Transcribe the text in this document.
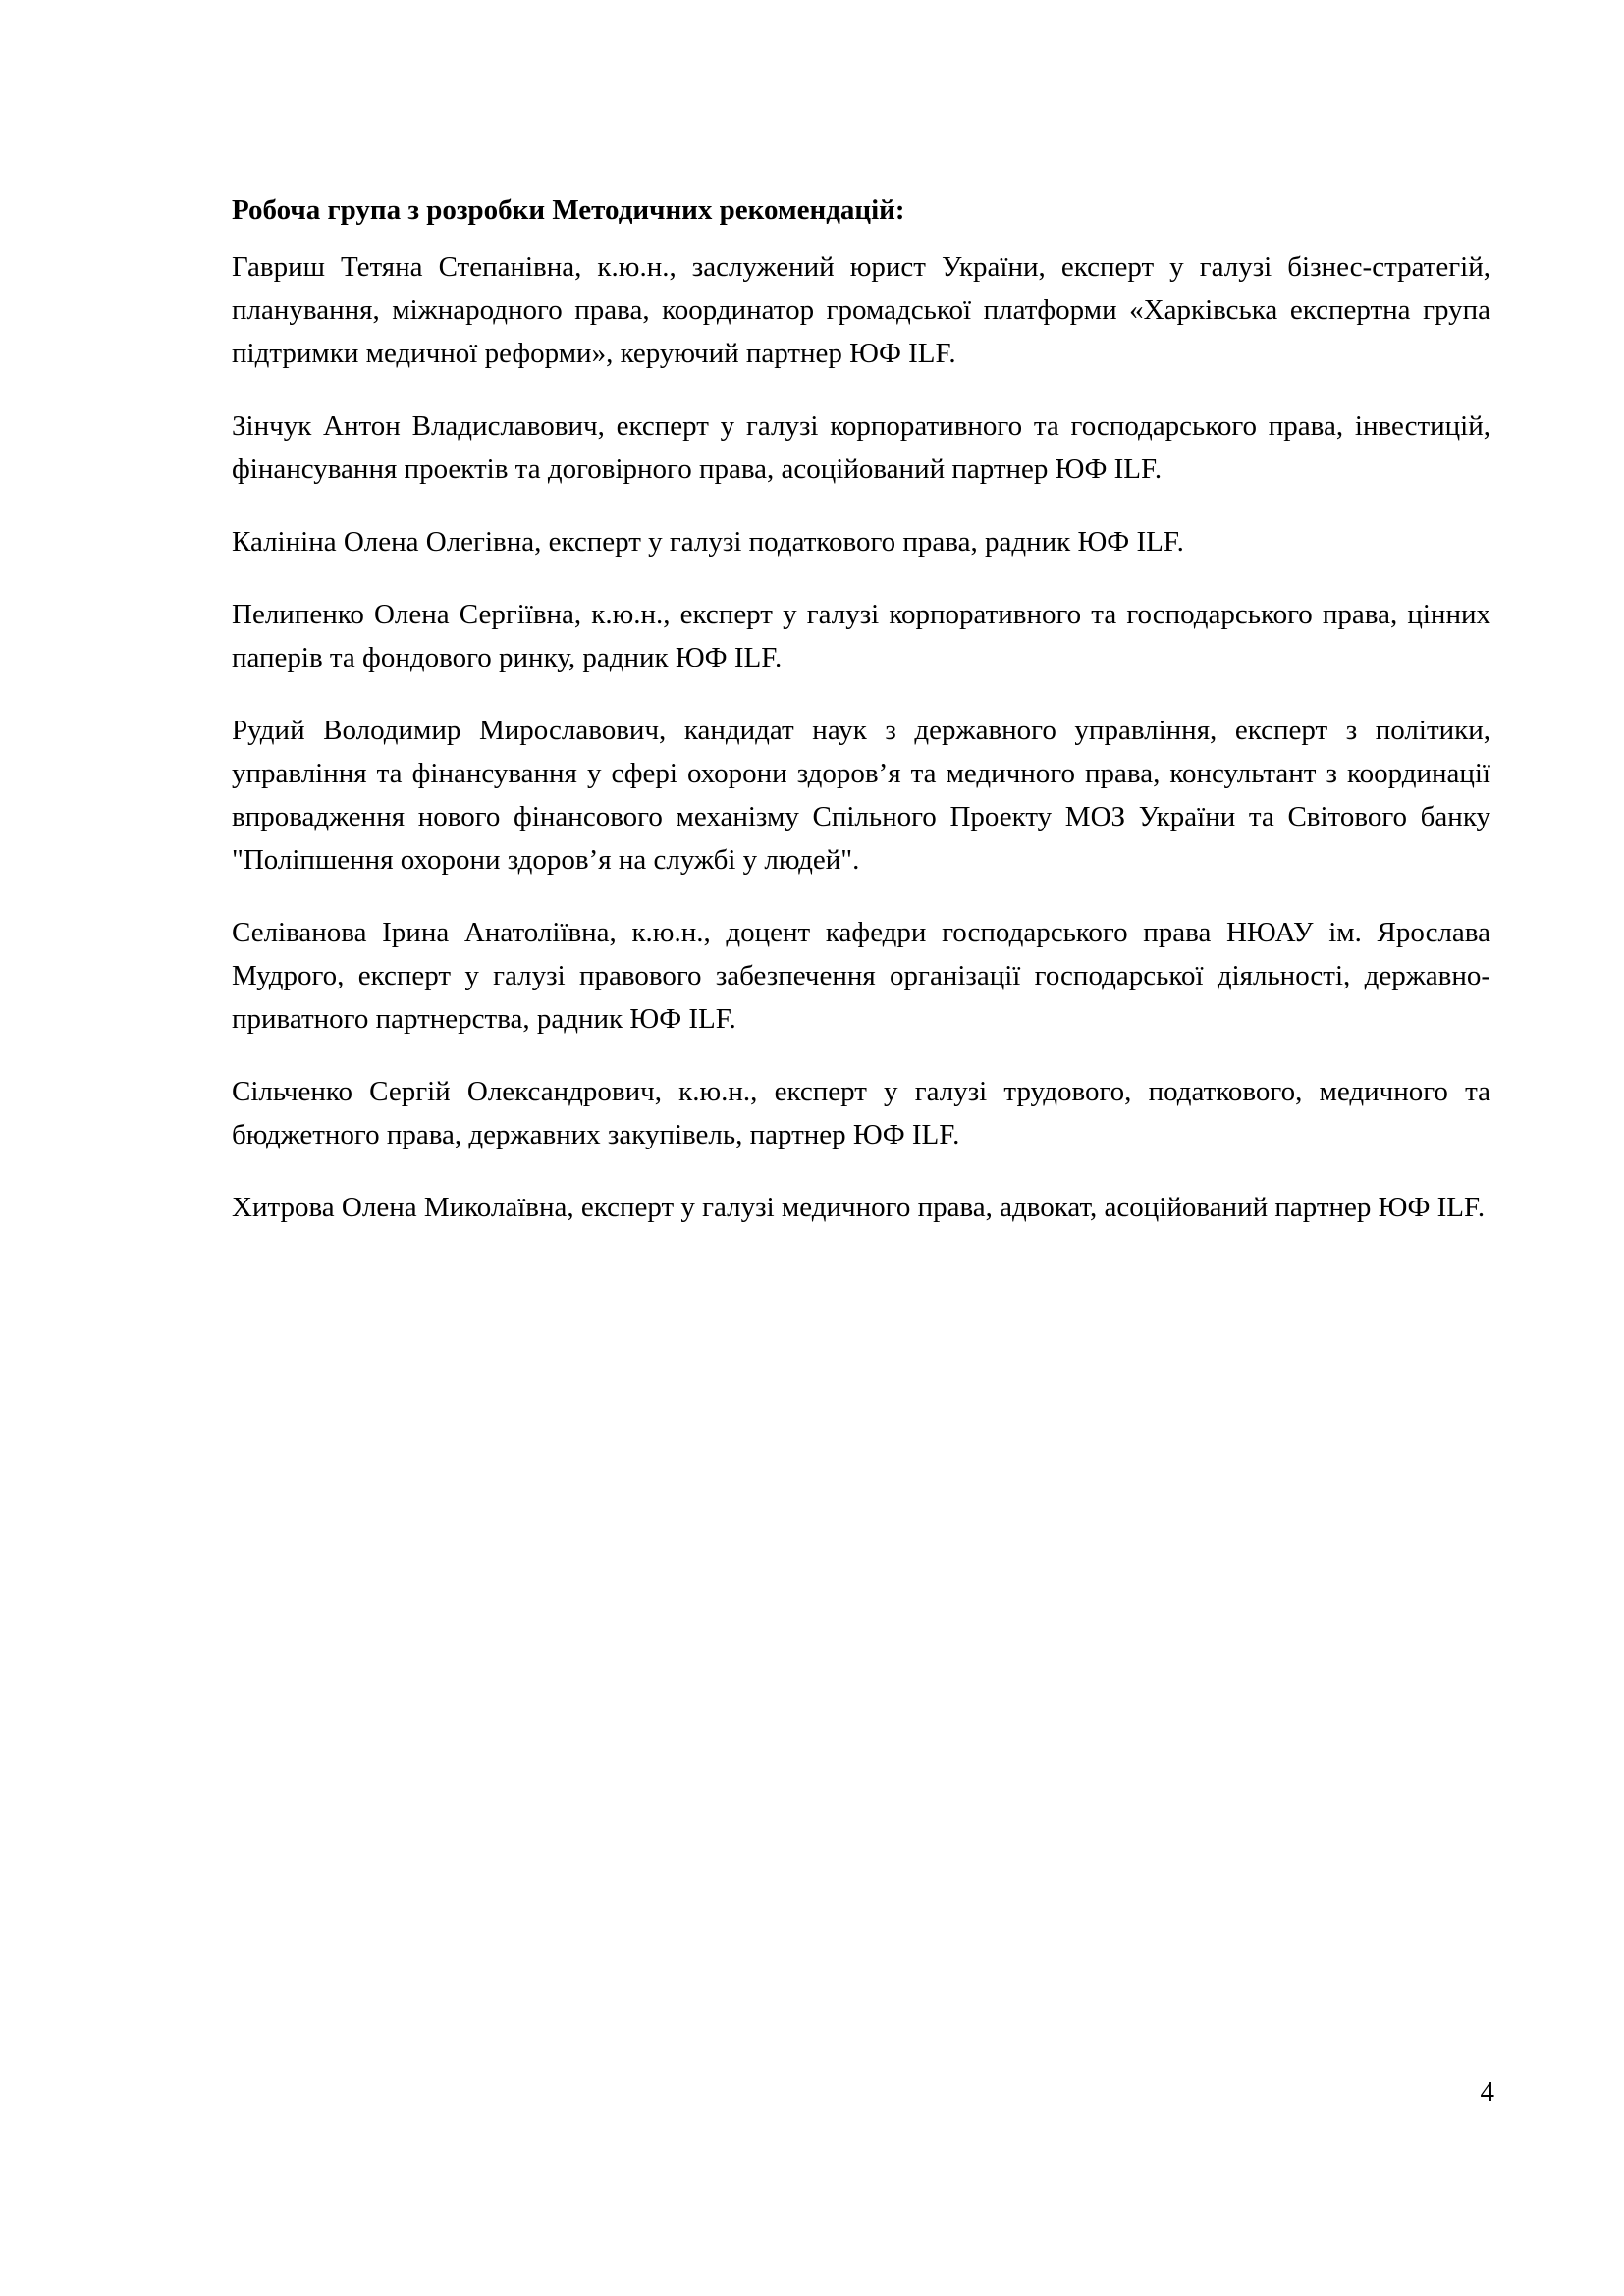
Робоча група з розробки Методичних рекомендацій:

Гавриш Тетяна Степанівна, к.ю.н., заслужений юрист України, експерт у галузі бізнес-стратегій, планування, міжнародного права, координатор громадської платформи «Харківська експертна група підтримки медичної реформи», керуючий партнер ЮФ ILF.

Зінчук Антон Владиславович, експерт у галузі корпоративного та господарського права, інвестицій, фінансування проектів та договірного права, асоційований партнер ЮФ ILF.

Калініна Олена Олегівна, експерт у галузі податкового права, радник ЮФ ILF.

Пелипенко Олена Сергіївна, к.ю.н., експерт у галузі корпоративного та господарського права, цінних паперів та фондового ринку, радник ЮФ ILF.

Рудий Володимир Мирославович, кандидат наук з державного управління, експерт з політики, управління та фінансування у сфері охорони здоров’я та медичного права, консультант з координації впровадження нового фінансового механізму Спільного Проекту МОЗ України та Світового банку "Поліпшення охорони здоров’я на службі у людей".

Селіванова Ірина Анатоліївна, к.ю.н., доцент кафедри господарського права НЮАУ ім. Ярослава Мудрого, експерт у галузі правового забезпечення організації господарської діяльності, державно-приватного партнерства, радник ЮФ ILF.

Сільченко Сергій Олександрович, к.ю.н., експерт у галузі трудового, податкового, медичного та бюджетного права, державних закупівель, партнер ЮФ ILF.

Хитрова Олена Миколаївна, експерт у галузі медичного права, адвокат, асоційований партнер ЮФ ILF.

4
